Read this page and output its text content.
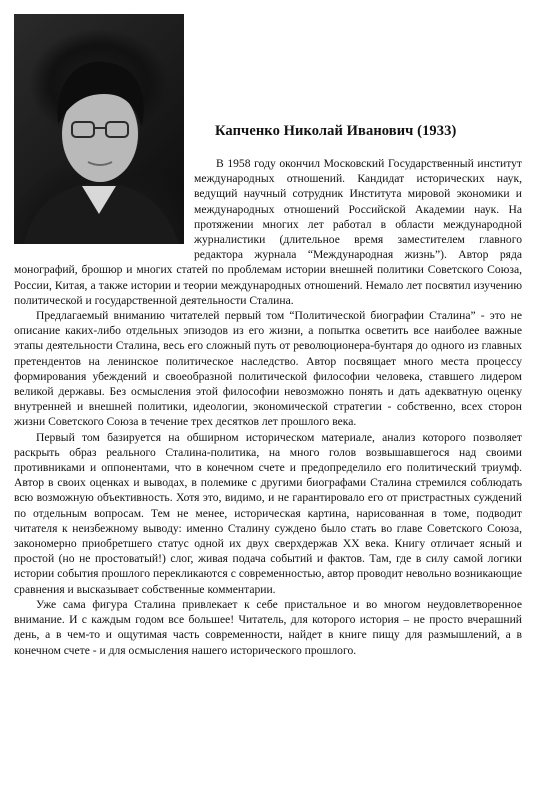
Капченко Николай Иванович (1933)

В 1958 году окончил Московский Государственный институт международных отношений. Кандидат исторических наук, ведущий научный сотрудник Института мировой экономики и международных отношений Российской Академии наук. На протяжении многих лет работал в области международной журналистики (длительное время заместителем главного редактора журнала “Международная жизнь”). Автор ряда монографий, брошюр и многих статей по проблемам истории внешней политики Советского Союза, России, Китая, а также истории и теории международных отношений. Немало лет посвятил изучению политической и государственной деятельности Сталина.

Предлагаемый вниманию читателей первый том “Политической биографии Сталина” - это не описание каких-либо отдельных эпизодов из его жизни, а попытка осветить все наиболее важные этапы деятельности Сталина, весь его сложный путь от революционера-бунтаря до одного из главных претендентов на ленинское политическое наследство. Автор посвящает много места процессу формирования убеждений и своеобразной политической философии человека, ставшего лидером великой державы. Без осмысления этой философии невозможно понять и дать адекватную оценку внутренней и внешней политики, идеологии, экономической стратегии - собственно, всех сторон жизни Советского Союза в течение трех десятков лет прошлого века.

Первый том базируется на обширном историческом материале, анализ которого позволяет раскрыть образ реального Сталина-политика, на много голов возвышавшегося над своими противниками и оппонентами, что в конечном счете и предопределило его политический триумф. Автор в своих оценках и выводах, в полемике с другими биографами Сталина стремился соблюдать всю возможную объективность. Хотя это, видимо, и не гарантировало его от пристрастных суждений по отдельным вопросам. Тем не менее, историческая картина, нарисованная в томе, подводит читателя к неизбежному выводу: именно Сталину суждено было стать во главе Советского Союза, закономерно приобретшего статус одной их двух сверхдержав XX века. Книгу отличает ясный и простой (но не простоватый!) слог, живая подача событий и фактов. Там, где в силу самой логики истории события прошлого перекликаются с современностью, автор проводит невольно возникающие сравнения и высказывает собственные комментарии.

Уже сама фигура Сталина привлекает к себе пристальное и во многом неудовлетворенное внимание. И с каждым годом все большее! Читатель, для которого история – не просто вчерашний день, а в чем-то и ощутимая часть современности, найдет в книге пищу для размышлений, а в конечном счете - и для осмысления нашего исторического прошлого.
